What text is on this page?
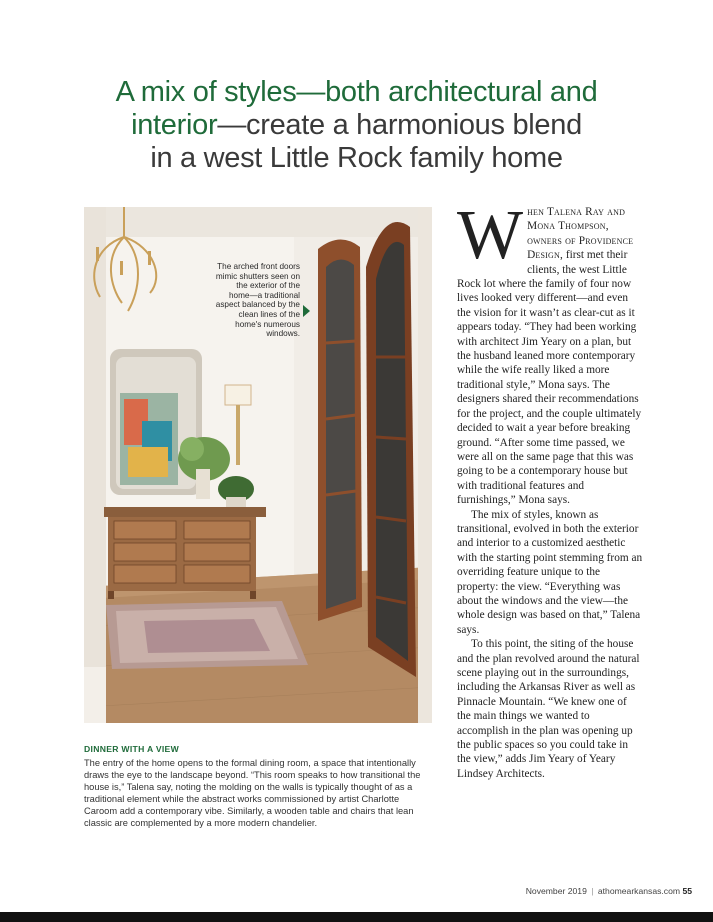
A mix of styles—both architectural and
interior—create a harmonious blend
in a west Little Rock family home
The arched front doors mimic shutters seen on the exterior of the home—a traditional aspect balanced by the clean lines of the home's numerous windows.
DINNER WITH A VIEW

The entry of the home opens to the formal dining room, a space that intentionally draws the eye to the landscape beyond. “This room speaks to how transitional the house is,” Talena say, noting the molding on the walls is typically thought of as a traditional element while the abstract works commissioned by artist Charlotte Caroom add a contemporary vibe. Similarly, a wooden table and chairs that lean classic are complemented by a more modern chandelier.

When Talena Ray and Mona Thompson, owners of Providence Design, first met their clients, the west Little Rock lot where the family of four now lives looked very different—and even the vision for it wasn’t as clear-cut as it appears today. “They had been working with architect Jim Yeary on a plan, but the husband leaned more contemporary while the wife really liked a more traditional style,” Mona says. The designers shared their recommendations for the project, and the couple ultimately decided to wait a year before breaking ground. “After some time passed, we were all on the same page that this was going to be a contemporary house but with traditional features and furnishings,” Mona says.

The mix of styles, known as transitional, evolved in both the exterior and interior to a customized aesthetic with the starting point stemming from an overriding feature unique to the property: the view. “Everything was about the windows and the view—the whole design was based on that,” Talena says.

To this point, the siting of the house and the plan revolved around the natural scene playing out in the surroundings, including the Arkansas River as well as Pinnacle Mountain. “We knew one of the main things we wanted to accomplish in the plan was opening up the public spaces so you could take in the view,” adds Jim Yeary of Yeary Lindsey Architects.

November 2019 | athomearkansas.com 55
